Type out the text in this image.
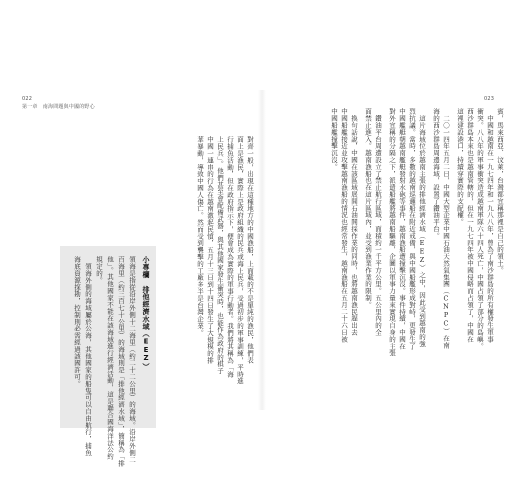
022
第一章　南海問題與中國的野心
對齊一般，出現在這種地方的中國漁船，上面載的不是單純的漁民，他們表
面上是漁民，實際上是政府組織的民兵或海上民兵，受過初步的軍事訓練，平時進
行捕魚活動，但在政府指示下，便會成為實際的軍事行動者。我們將其稱為「海
上民兵」。他們甚至會配備武器，與其他國家發生衝突時，也能作為政府的棋子
中國一連串的行為在越南激起民憤，五月十三日到十四日發生了大規模的排
華暴動，導致中國人傷亡。然而受到襲擊的工廠多半是台灣企業。
小專欄　排他經濟水域（EEZ）
領海是指從沿岸外側十二海里（約二十二公里）的海域。沿岸外側二
百海里（約三百七十公里）的海域則是「排他經濟水域」，簡稱為「排
他」。其他國家不能在該海域進行經濟活動，這是聯合國海洋法公約
規定的。
　領海外側的海域屬於公海，其他國家的船隻可以自由航行，捕魚
海底資源探勘，控制則必需經過該國許可。
023
賓，馬來西亞、汶萊，台灣都宣稱那裡是自己的領土。
　中國和越南在一九七四年和一九八八年，曾為了南沙群島的所有權發生軍事
衝突。八八年的軍事衝突造成越南軍隊六十四人死亡，中國占領了部分的島嶼。
西沙群島本來也是越南管轄的，但在一九七四年被中國侵略而占領了，中國在
這裡建設港口，持續穿實際的支配權。
　二〇一四年五月二日，中國大型企業中國石油天然氣集團（CNPC）在南
海的西沙群島周邊海域，設置了鑽油平台。
　這片海域位於越南主張的排他經濟水域（EEZ）之中，因此受到越南的強
烈抗議。當時，多數的越南巡邏船在附近戒備，與中國船艦形成對峙，更發生了
中國艦艇朝越南艦艇發射水砲等事件，越南漁船遭撞擊沉沒。事件持續，中國在
對外宣稱的分隔之下，派遣船艦將越南船驅離，企圖以軍事力量來實現自身的主張
　鑽油平台周遭設立了禁止航行區域，面積約一千平方公里。五公里內的全
面禁止進入。越南漁船也在這片區域內，並受到漁業作業的限制。
　換句話說，中國在該區域展開石油開採作業的同時，也將越南漁民趕出去
中國船艦接近並攻擊越南漁船的情況也經常發生，越南漁船在五月二十六日被
中國船艦撞擊沉沒。
